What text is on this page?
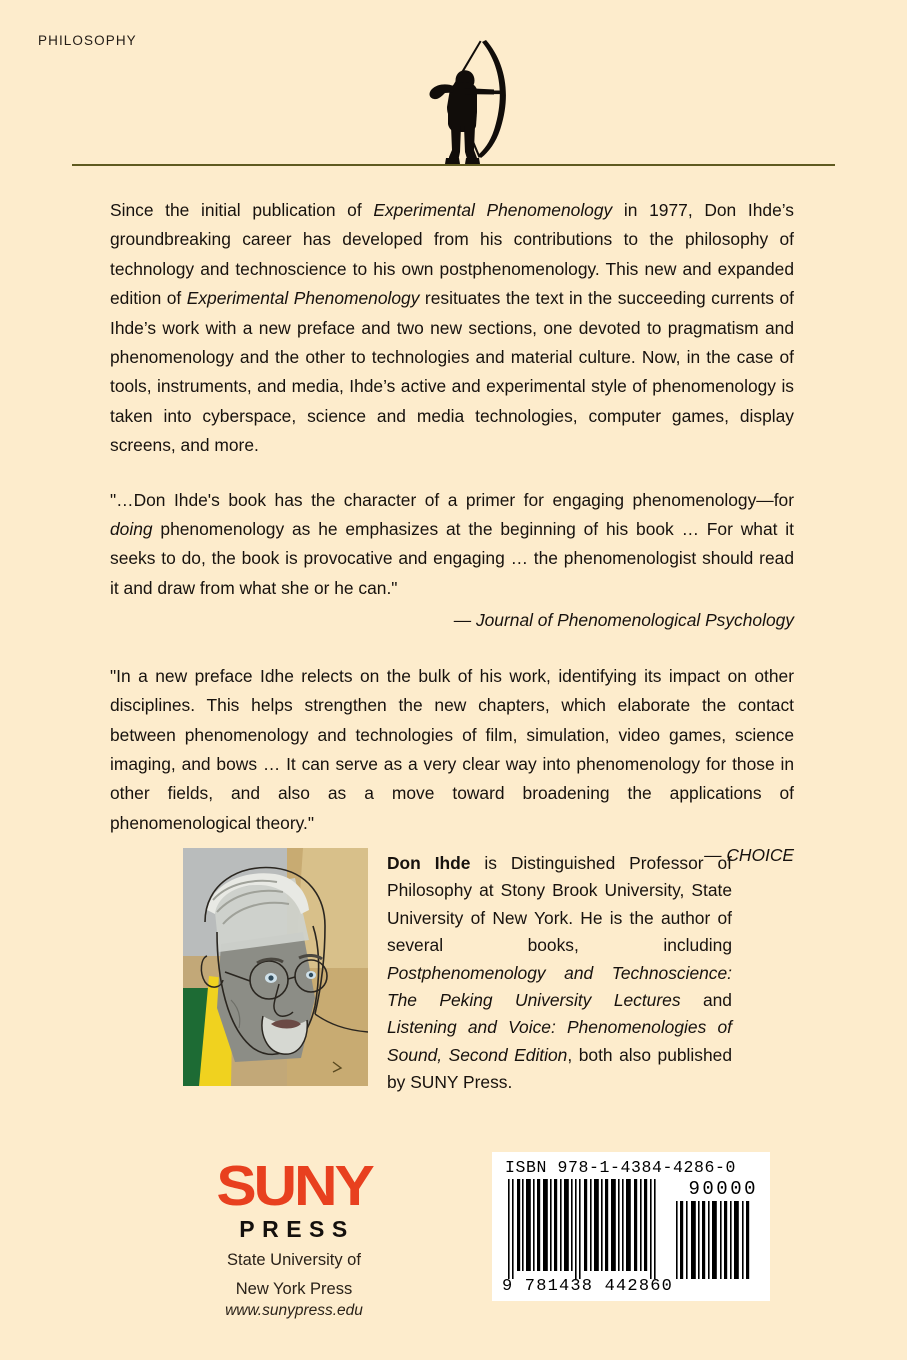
PHILOSOPHY

Since the initial publication of Experimental Phenomenology in 1977, Don Ihde’s groundbreaking career has developed from his contributions to the philosophy of technology and technoscience to his own postphenomenology. This new and expanded edition of Experimental Phenomenology resituates the text in the succeeding currents of Ihde’s work with a new preface and two new sections, one devoted to pragmatism and phenomenology and the other to technologies and material culture. Now, in the case of tools, instruments, and media, Ihde’s active and experimental style of phenomenology is taken into cyberspace, science and media technologies, computer games, display screens, and more.

"…Don Ihde's book has the character of a primer for engaging phenomenology—for doing phenomenology as he emphasizes at the beginning of his book … For what it seeks to do, the book is provocative and engaging … the phenomenologist should read it and draw from what she or he can."

— Journal of Phenomenological Psychology

"In a new preface Idhe relects on the bulk of his work, identifying its impact on other disciplines. This helps strengthen the new chapters, which elaborate the contact between phenomenology and technologies of film, simulation, video games, science imaging, and bows … It can serve as a very clear way into phenomenology for those in other fields, and also as a move toward broadening the applications of phenomenological theory."

— CHOICE

Don Ihde is Distinguished Professor of Philosophy at Stony Brook University, State University of New York. He is the author of several books, including Postphenomenology and Technoscience: The Peking University Lectures and Listening and Voice: Phenomenologies of Sound, Second Edition, both also published by SUNY Press.
SUNY
PRESS
State University of
New York Press
www.sunypress.edu
ISBN 978-1-4384-4286-0
90000
9 781438 442860
